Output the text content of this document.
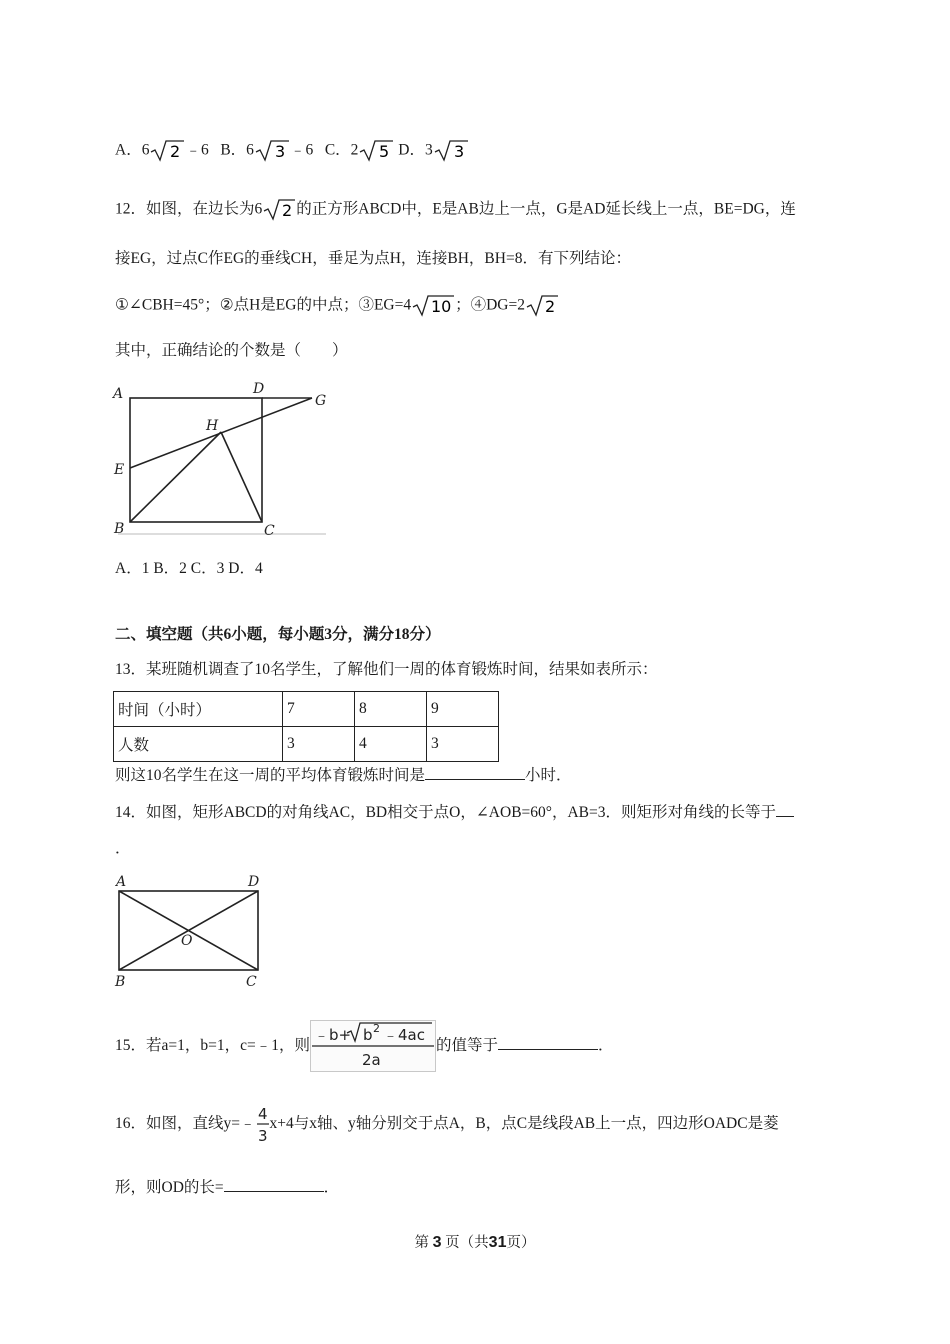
A．6 2 ﹣6 B．6 3 ﹣6 C．2 5 D．3 3
12．如图，在边长为6 2 的正方形ABCD中，E是AB边上一点，G是AD延长线上一点，BE=DG，连
接EG，过点C作EG的垂线CH，垂足为点H，连接BH，BH=8．有下列结论：
①∠CBH=45°；②点H是EG的中点；③EG=4 10 ；④DG=2 2
其中，正确结论的个数是（　　）
A	D
G
H
E
B	C
A．1 B．2 C．3 D．4
二、填空题（共6小题，每小题3分，满分18分）
13．某班随机调查了10名学生，了解他们一周的体育锻炼时间，结果如表所示：
时间（小时）	7	8	9
人数	3	4	3
则这10名学生在这一周的平均体育锻炼时间是	小时．
14．如图，矩形ABCD的对角线AC，BD相交于点O，∠AOB=60°，AB=3．则矩形对角线的长等于
．
A	D
O
B	C
15．若a=1，b=1，c=﹣1，则
﹣b+ b 2 ﹣4ac
2a
的值等于	．
16．如图，直线y=﹣
4
3
x+4与x轴、y轴分别交于点A，B，点C是线段AB上一点，四边形OADC是菱
形，则OD的长=	．
第 3 页（共31页）
